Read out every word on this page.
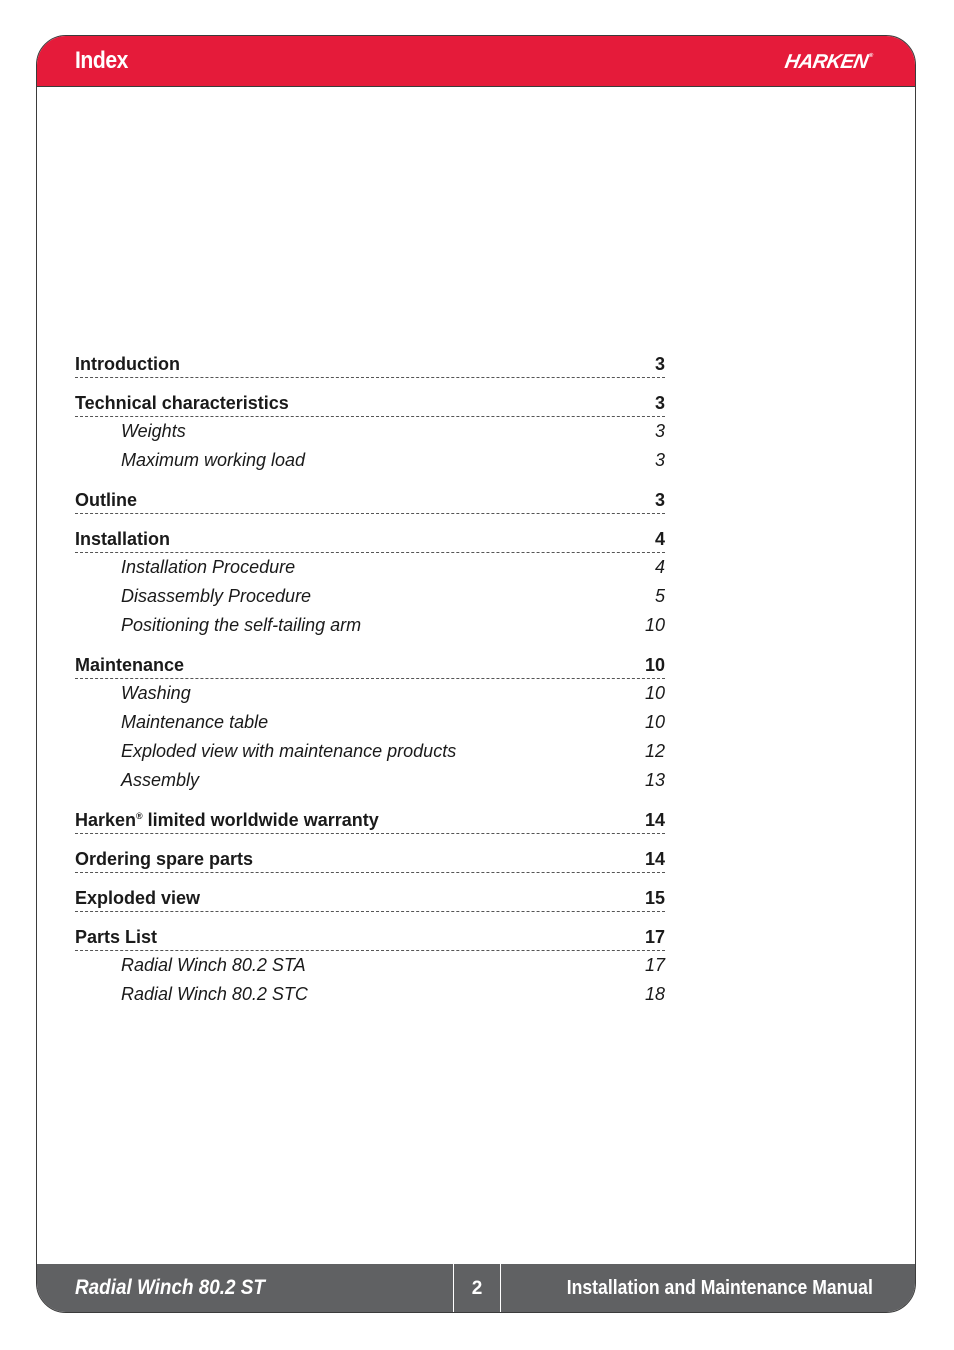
Index	HARKEN®
Radial Winch 80.2 ST	2	Installation and Maintenance Manual
Introduction	3
Technical characteristics	3
Weights	3
Maximum working load	3
Outline	3
Installation	4
Installation Procedure	4
Disassembly Procedure	5
Positioning the self-tailing arm	10
Maintenance	10
Washing	10
Maintenance table	10
Exploded view with maintenance products	12
Assembly	13
Harken® limited worldwide warranty	14
Ordering spare parts	14
Exploded view	15
Parts List	17
Radial Winch 80.2 STA	17
Radial Winch 80.2 STC	18
